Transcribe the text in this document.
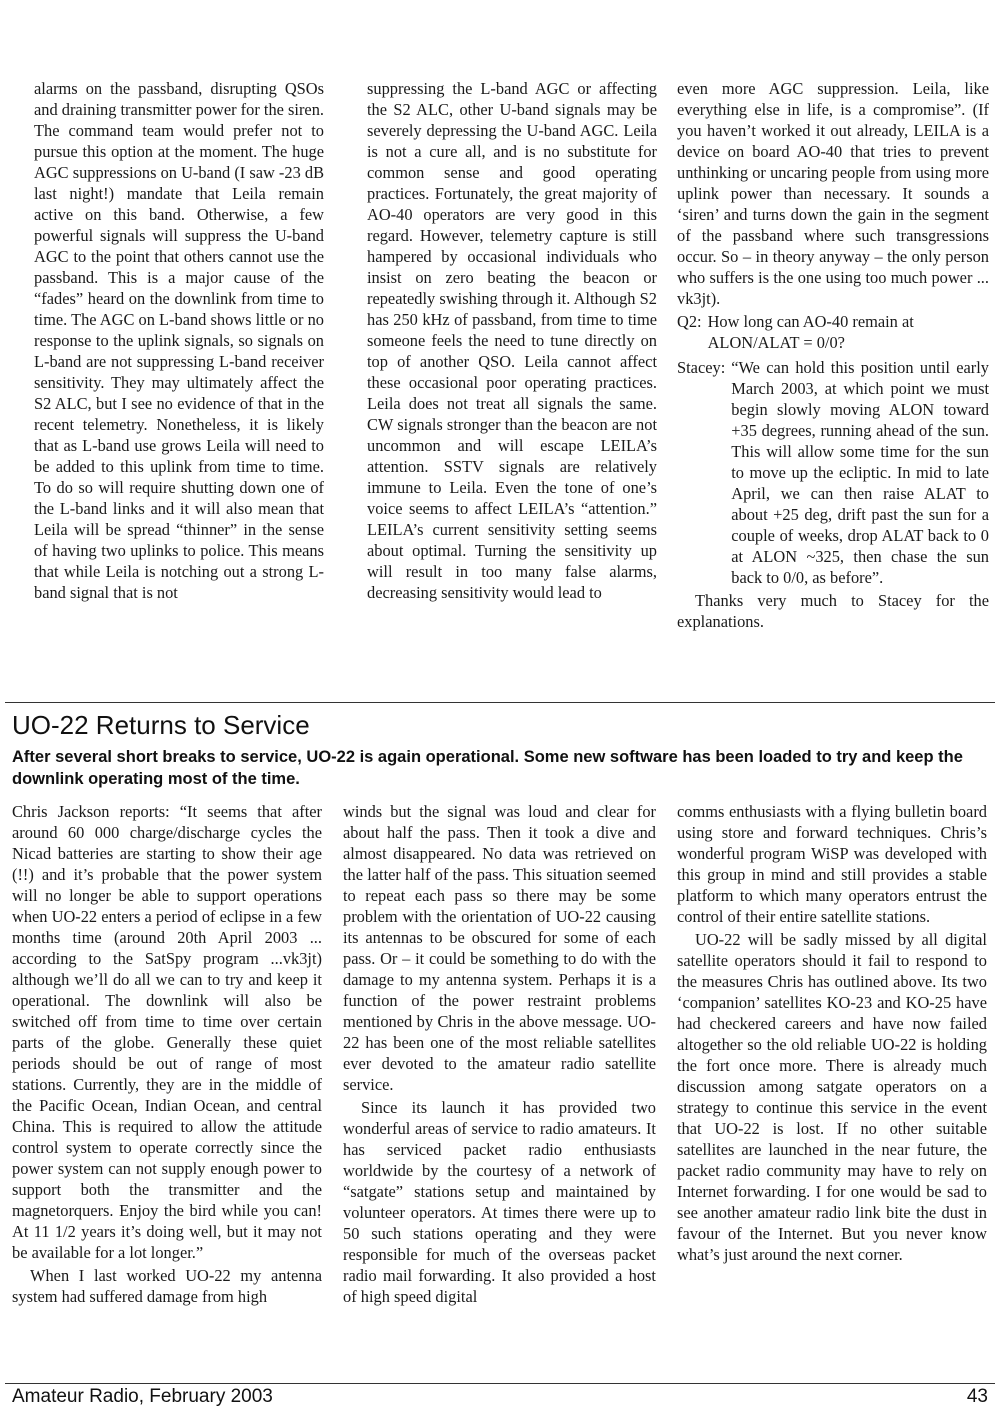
alarms on the passband, disrupting QSOs and draining transmitter power for the siren. The command team would prefer not to pursue this option at the moment. The huge AGC suppressions on U-band (I saw -23 dB last night!) mandate that Leila remain active on this band. Otherwise, a few powerful signals will suppress the U-band AGC to the point that others cannot use the passband. This is a major cause of the “fades” heard on the downlink from time to time. The AGC on L-band shows little or no response to the uplink signals, so signals on L-band are not suppressing L-band receiver sensitivity. They may ultimately affect the S2 ALC, but I see no evidence of that in the recent telemetry. Nonetheless, it is likely that as L-band use grows Leila will need to be added to this uplink from time to time. To do so will require shutting down one of the L-band links and it will also mean that Leila will be spread “thinner” in the sense of having two uplinks to police. This means that while Leila is notching out a strong L-band signal that is not

suppressing the L-band AGC or affecting the S2 ALC, other U-band signals may be severely depressing the U-band AGC. Leila is not a cure all, and is no substitute for common sense and good operating practices. Fortunately, the great majority of AO-40 operators are very good in this regard. However, telemetry capture is still hampered by occasional individuals who insist on zero beating the beacon or repeatedly swishing through it. Although S2 has 250 kHz of passband, from time to time someone feels the need to tune directly on top of another QSO. Leila cannot affect these occasional poor operating practices. Leila does not treat all signals the same. CW signals stronger than the beacon are not uncommon and will escape LEILA’s attention. SSTV signals are relatively immune to Leila. Even the tone of one’s voice seems to affect LEILA’s “attention.” LEILA’s current sensitivity setting seems about optimal. Turning the sensitivity up will result in too many false alarms, decreasing sensitivity would lead to

even more AGC suppression. Leila, like everything else in life, is a compromise”. (If you haven’t worked it out already, LEILA is a device on board AO-40 that tries to prevent unthinking or uncaring people from using more uplink power than necessary. It sounds a ‘siren’ and turns down the gain in the segment of the passband where such transgressions occur. So – in theory anyway – the only person who suffers is the one using too much power ... vk3jt).

Q2: How long can AO-40 remain at ALON/ALAT = 0/0?
Stacey: “We can hold this position until early March 2003, at which point we must begin slowly moving ALON toward +35 degrees, running ahead of the sun. This will allow some time for the sun to move up the ecliptic. In mid to late April, we can then raise ALAT to about +25 deg, drift past the sun for a couple of weeks, drop ALAT back to 0 at ALON ~325, then chase the sun back to 0/0, as before”.

Thanks very much to Stacey for the explanations.

UO-22 Returns to Service

After several short breaks to service, UO-22 is again operational. Some new software has been loaded to try and keep the downlink operating most of the time.

Chris Jackson reports: “It seems that after around 60 000 charge/discharge cycles the Nicad batteries are starting to show their age (!!) and it’s probable that the power system will no longer be able to support operations when UO-22 enters a period of eclipse in a few months time (around 20th April 2003 ... according to the SatSpy program ...vk3jt) although we’ll do all we can to try and keep it operational. The downlink will also be switched off from time to time over certain parts of the globe. Generally these quiet periods should be out of range of most stations. Currently, they are in the middle of the Pacific Ocean, Indian Ocean, and central China. This is required to allow the attitude control system to operate correctly since the power system can not supply enough power to support both the transmitter and the magnetorquers. Enjoy the bird while you can! At 11 1/2 years it’s doing well, but it may not be available for a lot longer.”

When I last worked UO-22 my antenna system had suffered damage from high

winds but the signal was loud and clear for about half the pass. Then it took a dive and almost disappeared. No data was retrieved on the latter half of the pass. This situation seemed to repeat each pass so there may be some problem with the orientation of UO-22 causing its antennas to be obscured for some of each pass. Or – it could be something to do with the damage to my antenna system. Perhaps it is a function of the power restraint problems mentioned by Chris in the above message. UO-22 has been one of the most reliable satellites ever devoted to the amateur radio satellite service.

Since its launch it has provided two wonderful areas of service to radio amateurs. It has serviced packet radio enthusiasts worldwide by the courtesy of a network of “satgate” stations setup and maintained by volunteer operators. At times there were up to 50 such stations operating and they were responsible for much of the overseas packet radio mail forwarding. It also provided a host of high speed digital

comms enthusiasts with a flying bulletin board using store and forward techniques. Chris’s wonderful program WiSP was developed with this group in mind and still provides a stable platform to which many operators entrust the control of their entire satellite stations.

UO-22 will be sadly missed by all digital satellite operators should it fail to respond to the measures Chris has outlined above. Its two ‘companion’ satellites KO-23 and KO-25 have had checkered careers and have now failed altogether so the old reliable UO-22 is holding the fort once more. There is already much discussion among satgate operators on a strategy to continue this service in the event that UO-22 is lost. If no other suitable satellites are launched in the near future, the packet radio community may have to rely on Internet forwarding. I for one would be sad to see another amateur radio link bite the dust in favour of the Internet. But you never know what’s just around the next corner.

Amateur Radio, February 2003	43
